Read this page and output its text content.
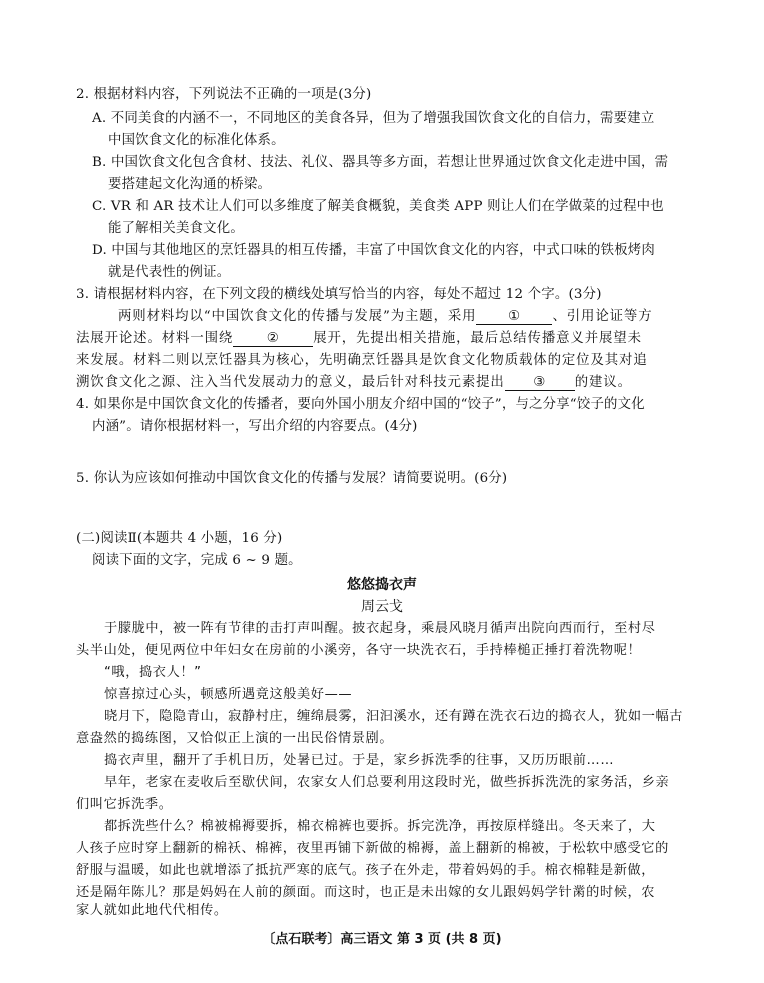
2. 根据材料内容，下列说法不正确的一项是(3分)
A. 不同美食的内涵不一，不同地区的美食各异，但为了增强我国饮食文化的自信力，需要建立
中国饮食文化的标准化体系。
B. 中国饮食文化包含食材、技法、礼仪、器具等多方面，若想让世界通过饮食文化走进中国，需
要搭建起文化沟通的桥梁。
C. VR 和 AR 技术让人们可以多维度了解美食概貌，美食类 APP 则让人们在学做菜的过程中也
能了解相关美食文化。
D. 中国与其他地区的烹饪器具的相互传播，丰富了中国饮食文化的内容，中式口味的铁板烤肉
就是代表性的例证。
3. 请根据材料内容，在下列文段的横线处填写恰当的内容，每处不超过 12 个字。(3分)
两则材料均以“中国饮食文化的传播与发展”为主题，采用 ① 、引用论证等方
法展开论述。材料一围绕	②	展开，先提出相关措施，最后总结传播意义并展望未
来发展。材料二则以烹饪器具为核心，先明确烹饪器具是饮食文化物质载体的定位及其对追
溯饮食文化之源、注入当代发展动力的意义，最后针对科技元素提出 ③ 的建议。
4. 如果你是中国饮食文化的传播者，要向外国小朋友介绍中国的“饺子”，与之分享“饺子的文化
内涵”。请你根据材料一，写出介绍的内容要点。(4分)
5. 你认为应该如何推动中国饮食文化的传播与发展？请简要说明。(6分)
(二)阅读Ⅱ(本题共 4 小题，16 分)
阅读下面的文字，完成 6 ~ 9 题。
悠悠捣衣声
周云戈
于朦胧中，被一阵有节律的击打声叫醒。披衣起身，乘晨风晓月循声出院向西而行，至村尽
头半山处，便见两位中年妇女在房前的小溪旁，各守一块洗衣石，手持棒槌正捶打着洗物呢！
“哦，捣衣人！”
惊喜掠过心头，顿感所遇竟这般美好——
晓月下，隐隐青山，寂静村庄，缠绵晨雾，汩汩溪水，还有蹲在洗衣石边的捣衣人，犹如一幅古
意盎然的捣练图，又恰似正上演的一出民俗情景剧。
捣衣声里，翻开了手机日历，处暑已过。于是，家乡拆洗季的往事，又历历眼前……
早年，老家在麦收后至歇伏间，农家女人们总要利用这段时光，做些拆拆洗洗的家务活，乡亲
们叫它拆洗季。
都拆洗些什么？棉被棉褥要拆，棉衣棉裤也要拆。拆完洗净，再按原样缝出。冬天来了，大
人孩子应时穿上翻新的棉袄、棉裤，夜里再铺下新做的棉褥，盖上翻新的棉被，于松软中感受它的
舒服与温暖，如此也就增添了抵抗严寒的底气。孩子在外走，带着妈妈的手。棉衣棉鞋是新做，
还是隔年陈儿？那是妈妈在人前的颜面。而这时，也正是未出嫁的女儿跟妈妈学针黹的时候，农
家人就如此地代代相传。
〔点石联考〕高三语文 第 3 页 (共 8 页)
